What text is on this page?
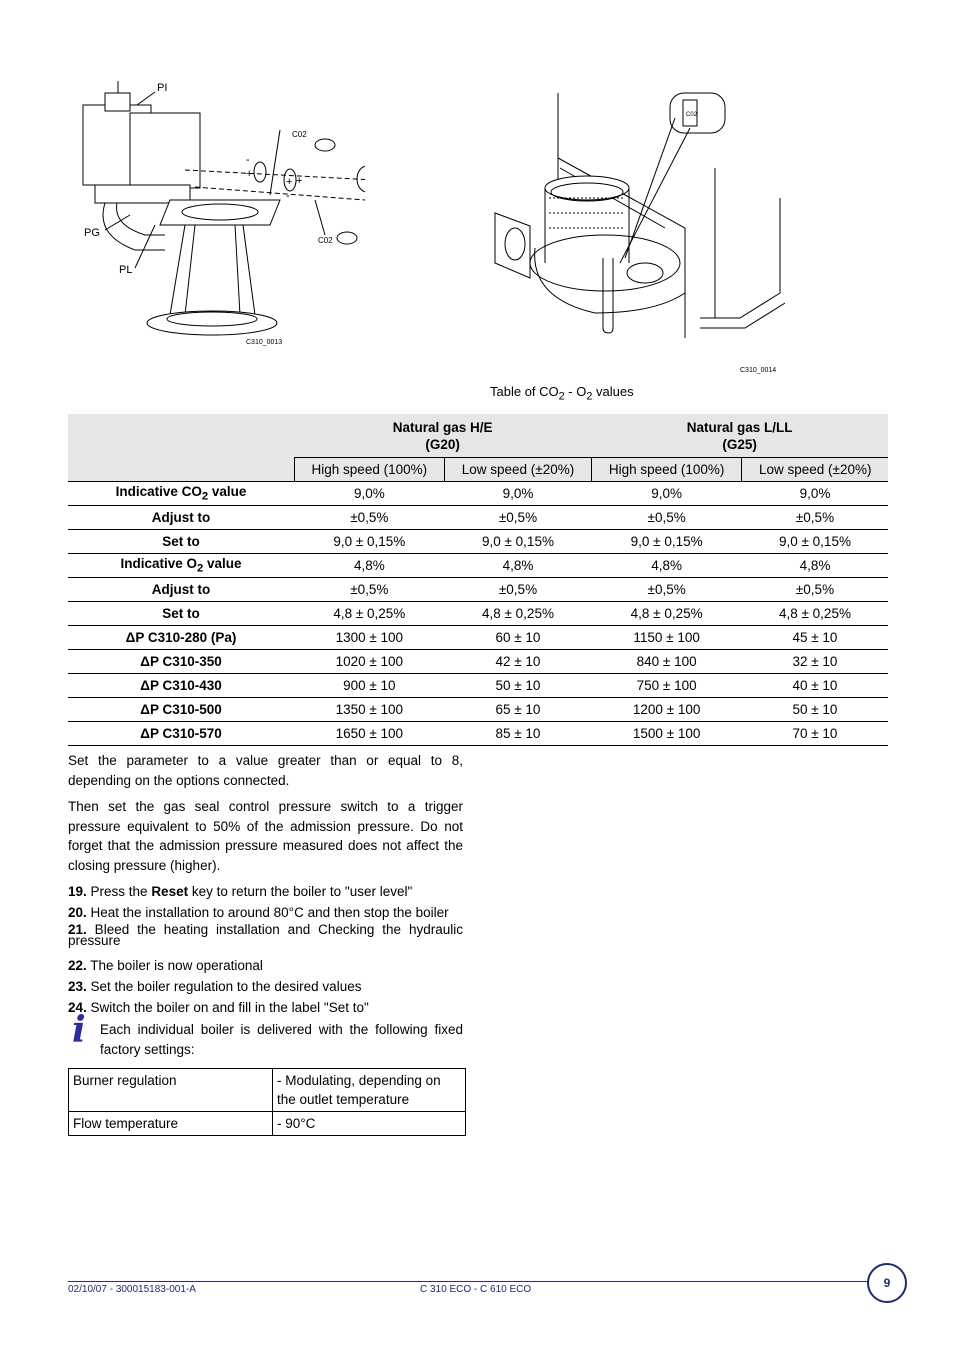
PI
PG
PL
C02
C02
+
+ +
-
-
C310_0013
C02
C310_0014
Table of $CO_2 - O_2$ values
	Natural gas H/E
(G20)		Natural gas L/LL
(G25)	
	High speed (100%)	Low speed (±20%)	High speed (100%)	Low speed (±20%)
Indicative $CO_2$ value	9,0%	9,0%	9,0%	9,0%
Adjust to	±0,5%	±0,5%	±0,5%	±0,5%
Set to	9,0 ± 0,15%	9,0 ± 0,15%	9,0 ± 0,15%	9,0 ± 0,15%
Indicative $O_2$ value	4,8%	4,8%	4,8%	4,8%
Adjust to	±0,5%	±0,5%	±0,5%	±0,5%
Set to	4,8 ± 0,25%	4,8 ± 0,25%	4,8 ± 0,25%	4,8 ± 0,25%
ΔP C310-280 (Pa)	1300 ± 100	60 ± 10	1150 ± 100	45 ± 10
ΔP C310-350	1020 ± 100	42 ± 10	840 ± 100	32 ± 10
ΔP C310-430	900 ± 10	50 ± 10	750 ± 100	40 ± 10
ΔP C310-500	1350 ± 100	65 ± 10	1200 ± 100	50 ± 10
ΔP C310-570	1650 ± 100	85 ± 10	1500 ± 100	70 ± 10
Set the parameter to a value greater than or equal to 8, depending on the options connected.
Then set the gas seal control pressure switch to a trigger pressure equivalent to 50% of the admission pressure. Do not forget that the admission pressure measured does not affect the closing pressure (higher).
19. Press the Reset key to return the boiler to "user level"
20. Heat the installation to around 80°C and then stop the boiler
21. Bleed the heating installation and Checking the hydraulic pressure
22. The boiler is now operational
23. Set the boiler regulation to the desired values
24. Switch the boiler on and fill in the label "Set to"
i Each individual boiler is delivered with the following fixed factory settings:
Burner regulation	- Modulating, depending on the outlet temperature
Flow temperature	- 90°C
02/10/07 - 300015183-001-A	C 310 ECO - C 610 ECO	9
